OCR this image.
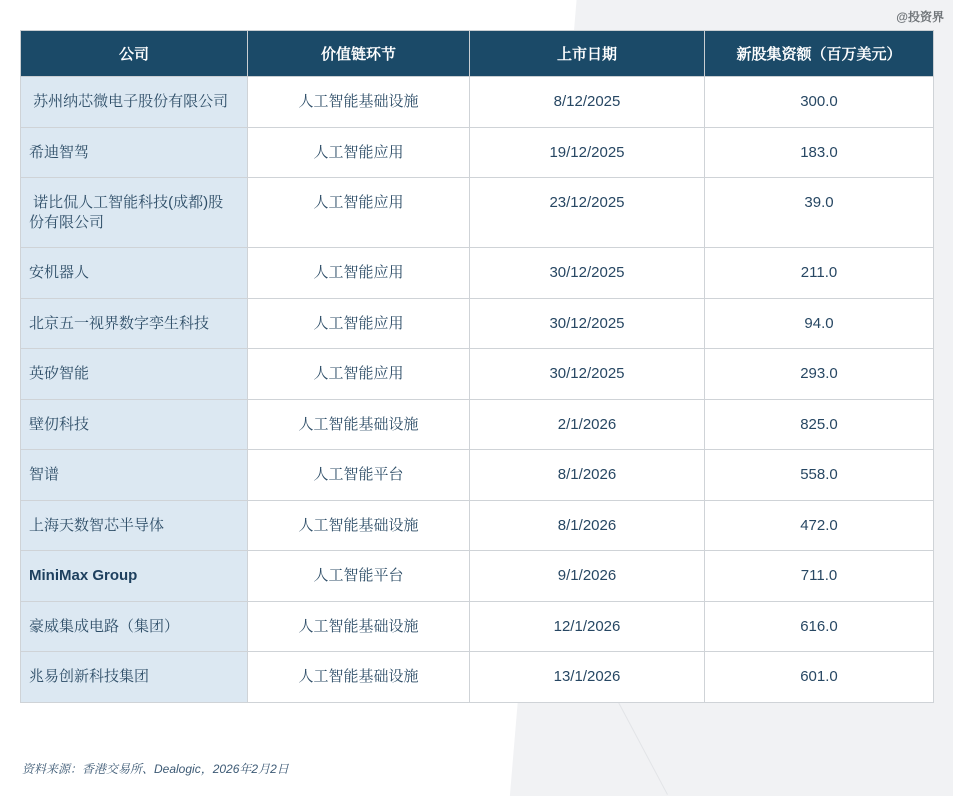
@投资界
公司	价值链环节	上市日期	新股集资额（百万美元）
苏州纳芯微电子股份有限公司	人工智能基础设施	8/12/2025	300.0
希迪智驾	人工智能应用	19/12/2025	183.0
诺比侃人工智能科技(成都)股份有限公司	人工智能应用	23/12/2025	39.0
安机器人	人工智能应用	30/12/2025	211.0
北京五一视界数字孪生科技	人工智能应用	30/12/2025	94.0
英矽智能	人工智能应用	30/12/2025	293.0
壁仞科技	人工智能基础设施	2/1/2026	825.0
智谱	人工智能平台	8/1/2026	558.0
上海天数智芯半导体	人工智能基础设施	8/1/2026	472.0
MiniMax Group	人工智能平台	9/1/2026	711.0
豪威集成电路（集团）	人工智能基础设施	12/1/2026	616.0
兆易创新科技集团	人工智能基础设施	13/1/2026	601.0
资料来源：香港交易所、Dealogic，2026年2月2日
